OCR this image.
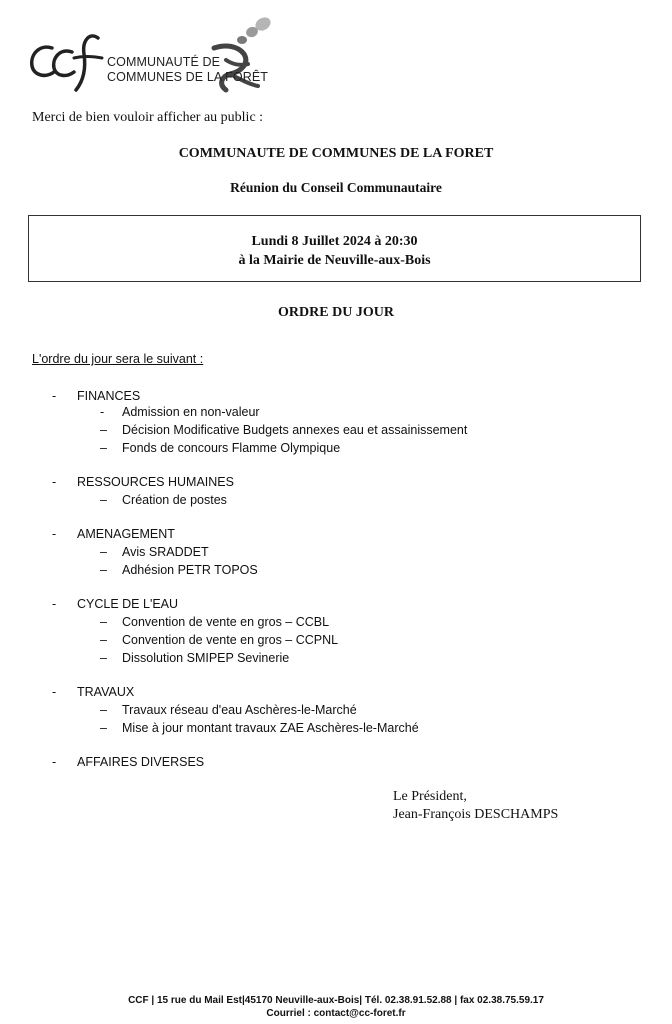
COMMUNAUTÉ DE
COMMUNES DE LA FORÊT
Merci de bien vouloir afficher au public :
COMMUNAUTE DE COMMUNES DE LA FORET
Réunion du Conseil Communautaire
Lundi 8 Juillet 2024 à 20:30
à la Mairie de Neuville-aux-Bois
ORDRE DU JOUR
L'ordre du jour sera le suivant :
- FINANCES
- Admission en non-valeur
– Décision Modificative Budgets annexes eau et assainissement
– Fonds de concours Flamme Olympique
- RESSOURCES HUMAINES
– Création de postes
- AMENAGEMENT
– Avis SRADDET
– Adhésion PETR TOPOS
- CYCLE DE L'EAU
– Convention de vente en gros – CCBL
– Convention de vente en gros – CCPNL
– Dissolution SMIPEP Sevinerie
- TRAVAUX
– Travaux réseau d'eau Aschères-le-Marché
– Mise à jour montant travaux ZAE Aschères-le-Marché
- AFFAIRES DIVERSES
Le Président,
Jean-François DESCHAMPS
CCF | 15 rue du Mail Est|45170 Neuville-aux-Bois| Tél. 02.38.91.52.88 | fax 02.38.75.59.17
Courriel : contact@cc-foret.fr
